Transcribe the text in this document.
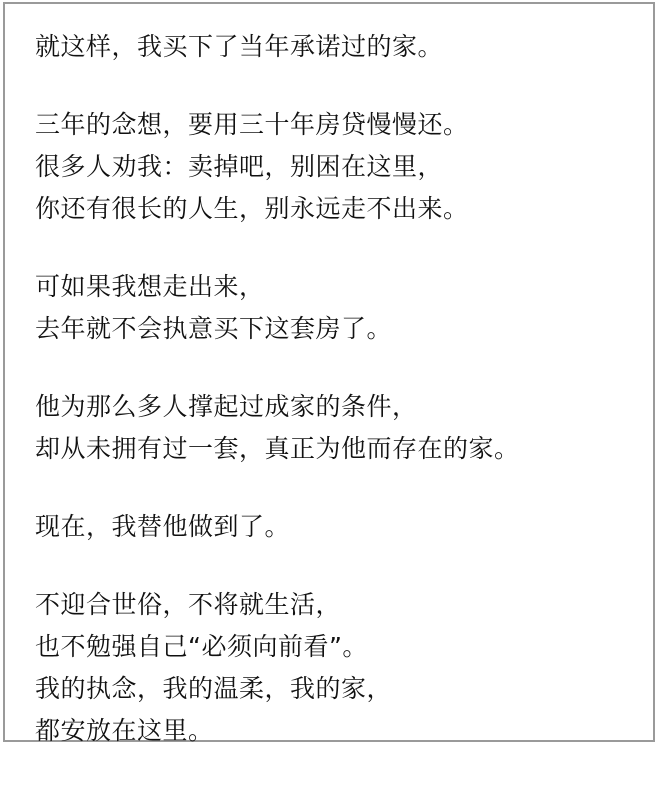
就这样，我买下了当年承诺过的家。
三年的念想，要用三十年房贷慢慢还。
很多人劝我：卖掉吧，别困在这里，
你还有很长的人生，别永远走不出来。
可如果我想走出来，
去年就不会执意买下这套房了。
他为那么多人撑起过成家的条件，
却从未拥有过一套，真正为他而存在的家。
现在，我替他做到了。
不迎合世俗，不将就生活，
也不勉强自己“必须向前看”。
我的执念，我的温柔，我的家，
都安放在这里。
